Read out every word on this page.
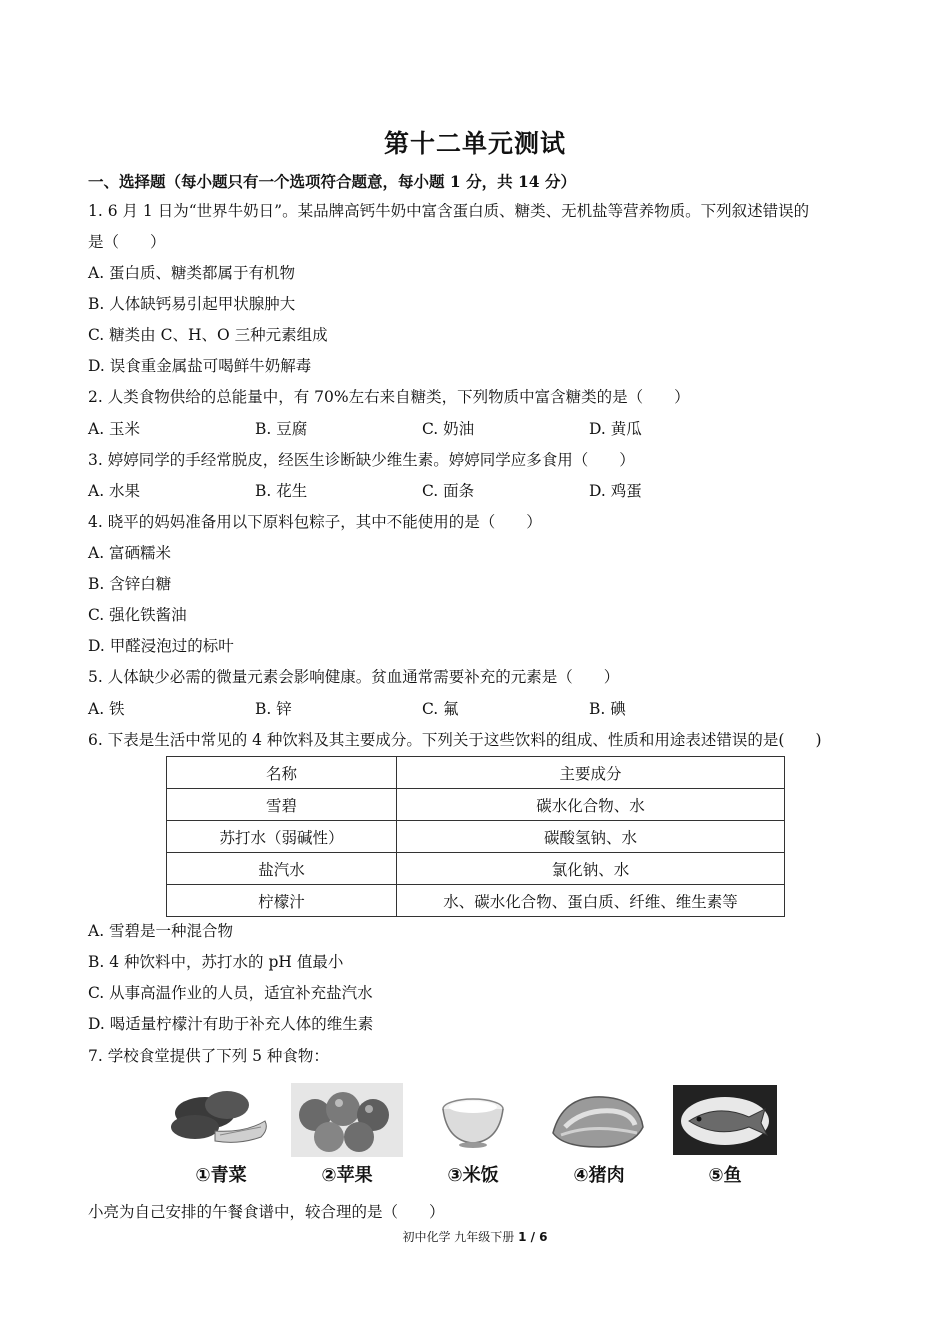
第十二单元测试
一、选择题（每小题只有一个选项符合题意，每小题 1 分，共 14 分）
1. 6 月 1 日为“世界牛奶日”。某品牌高钙牛奶中富含蛋白质、糖类、无机盐等营养物质。下列叙述错误的
是（　　）
A. 蛋白质、糖类都属于有机物
B. 人体缺钙易引起甲状腺肿大
C. 糖类由 C、H、O 三种元素组成
D. 误食重金属盐可喝鲜牛奶解毒
2. 人类食物供给的总能量中，有 70%左右来自糖类，下列物质中富含糖类的是（　　）
A. 玉米	B. 豆腐	C. 奶油	D. 黄瓜
3. 婷婷同学的手经常脱皮，经医生诊断缺少维生素。婷婷同学应多食用（　　）
A. 水果	B. 花生	C. 面条	D. 鸡蛋
4. 晓平的妈妈准备用以下原料包粽子，其中不能使用的是（　　）
A. 富硒糯米
B. 含锌白糖
C. 强化铁酱油
D. 甲醛浸泡过的标叶
5. 人体缺少必需的微量元素会影响健康。贫血通常需要补充的元素是（　　）
A. 铁	B. 锌	C. 氟	B. 碘
6. 下表是生活中常见的 4 种饮料及其主要成分。下列关于这些饮料的组成、性质和用途表述错误的是(　　)
名称	主要成分
雪碧	碳水化合物、水
苏打水（弱碱性）	碳酸氢钠、水
盐汽水	氯化钠、水
柠檬汁	水、碳水化合物、蛋白质、纤维、维生素等
A. 雪碧是一种混合物
B. 4 种饮料中，苏打水的 pH 值最小
C. 从事高温作业的人员，适宜补充盐汽水
D. 喝适量柠檬汁有助于补充人体的维生素
7. 学校食堂提供了下列 5 种食物：
①青菜	②苹果	③米饭	④猪肉	⑤鱼
小亮为自己安排的午餐食谱中，较合理的是（　　）
初中化学 九年级下册 1 / 6
